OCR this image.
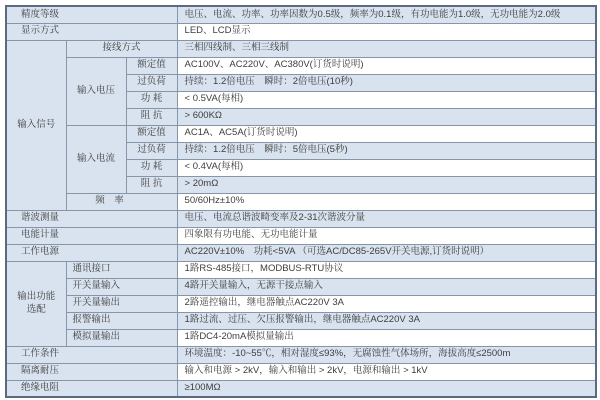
精度等级			电压、电流、功率、功率因数为0.5级，频率为0.1级，有功电能为1.0级，无功电能为2.0级
显示方式			LED、LCD显示
输入信号	接线方式		三相四线制、三相三线制
	输入电压	额定值	AC100V、AC220V、AC380V(订货时说明)
		过负荷	持续：1.2倍电压　瞬时：2倍电压(10秒)
		功 耗	< 0.5VA(每相)
		阻 抗	> 600KΩ
	输入电流	额定值	AC1A、AC5A(订货时说明)
		过负荷	持续：1.2倍电压　瞬时：5倍电压(5秒)
		功 耗	< 0.4VA(每相)
		阻 抗	> 20mΩ
	频　率		50/60Hz±10%
谐波测量			电压、电流总谐波畸变率及2-31次谐波分量
电能计量			四象限有功电能、无功电能计量
工作电源			AC220V±10%　功耗<5VA （可选AC/DC85-265V开关电源,订货时说明）

输出功能
选配	通讯接口		1路RS-485接口，MODBUS-RTU协议
	开关量输入		4路开关量输入，无源干接点输入
	开关量输出		2路遥控输出，继电器触点AC220V 3A
	报警输出		1路过流、过压、欠压报警输出，继电器触点AC220V 3A
	模拟量输出		1路DC4-20mA模拟量输出
工作条件			环境温度：-10~55℃，相对湿度≤93%，无腐蚀性气体场所，海拔高度≤2500m
隔离耐压			输入和电源 > 2kV，输入和输出 > 2kV，电源和输出 > 1kV
绝缘电阻			≥100MΩ
